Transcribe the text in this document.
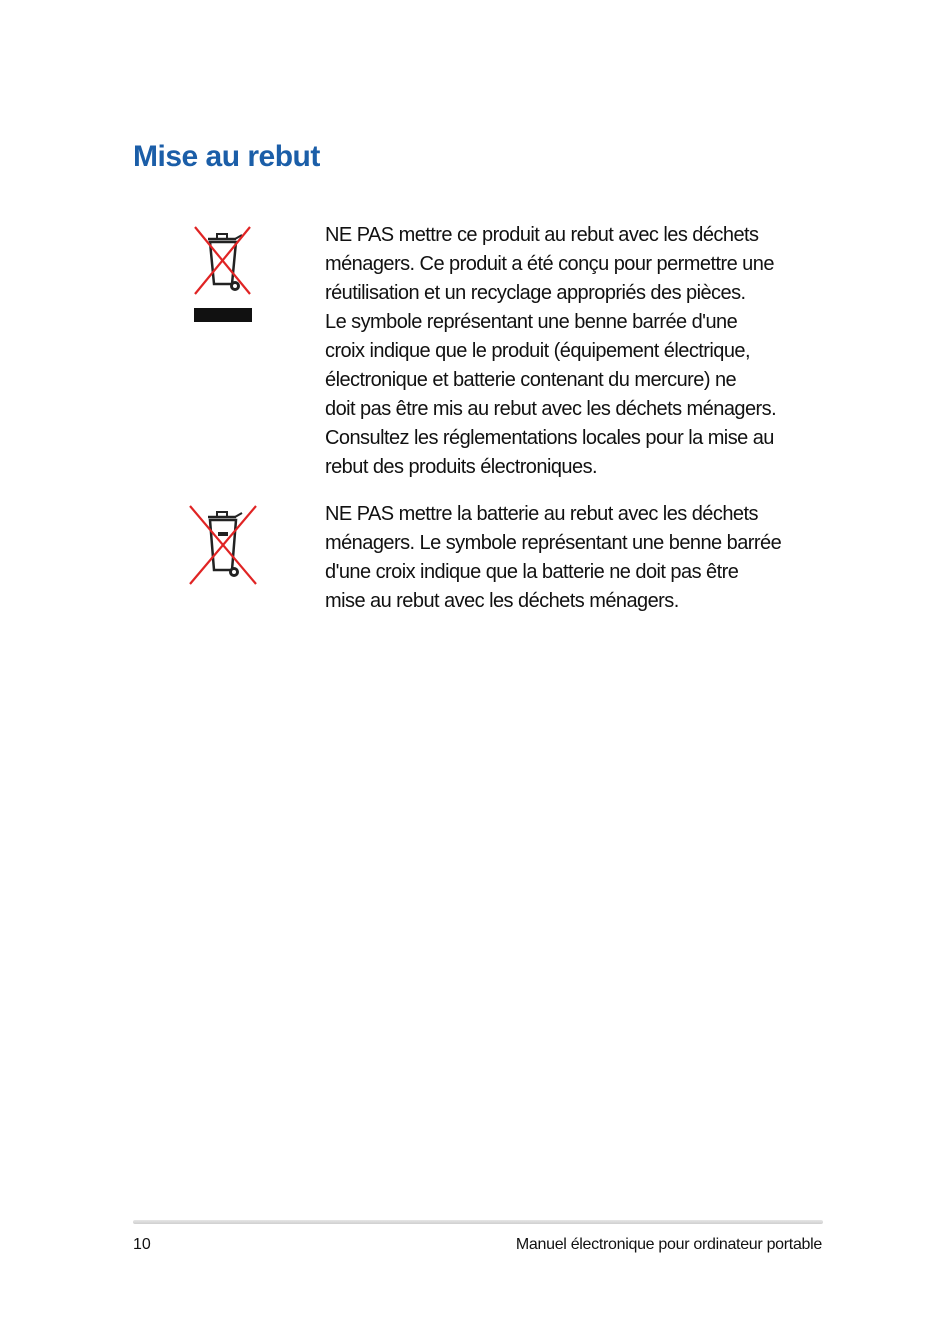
Mise au rebut

NE PAS mettre ce produit au rebut avec les déchets
ménagers. Ce produit a été conçu pour permettre une
réutilisation et un recyclage appropriés des pièces.
Le symbole représentant une benne barrée d'une
croix indique que le produit (équipement électrique,
électronique et batterie contenant du mercure) ne
doit pas être mis au rebut avec les déchets ménagers.
Consultez les réglementations locales pour la mise au
rebut des produits électroniques.

NE PAS mettre la batterie au rebut avec les déchets
ménagers. Le symbole représentant une benne barrée
d'une croix indique que la batterie ne doit pas être
mise au rebut avec les déchets ménagers.

10	Manuel électronique pour ordinateur portable
